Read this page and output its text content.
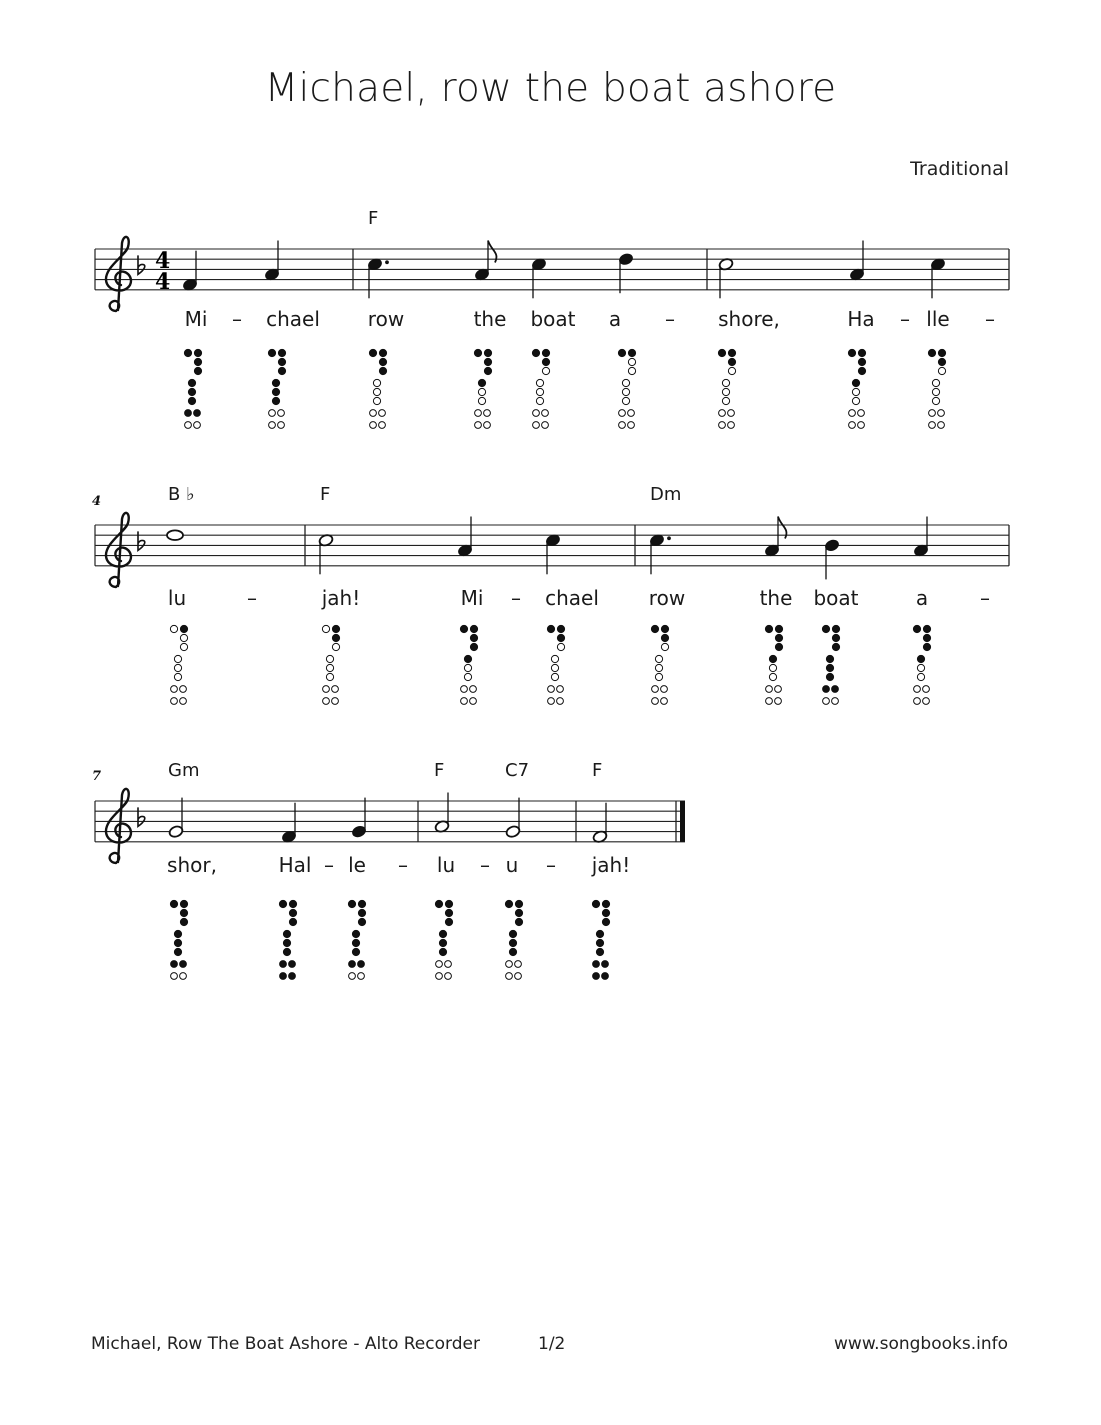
Michael, row the boat ashore
Traditional
4
7
F
B ♭	F	Dm
Gm	F	C7	F
Mi – chael row	the boat a – shore,	Ha – lle –
lu	–	jah!	Mi – chael row	the boat	a	–
shor,	Hal – le – lu – u – jah!
4
4
Michael, Row The Boat Ashore - Alto Recorder	1/2	www.songbooks.info
